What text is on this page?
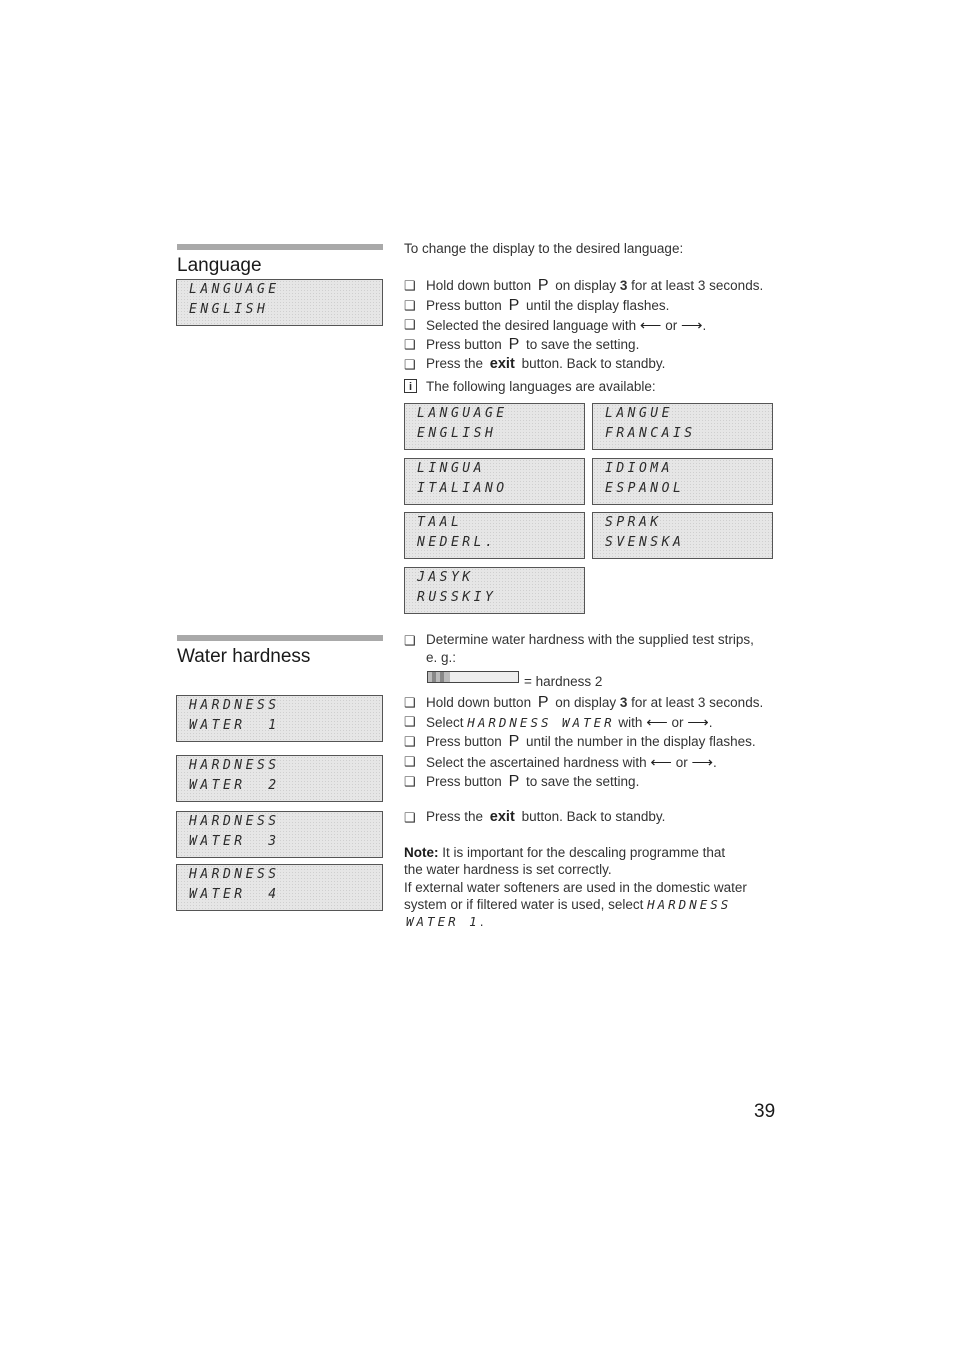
Language
LANGUAGE
ENGLISH
To change the display to the desired language:
❑ Hold down button P on display 3 for at least 3 seconds.
❑ Press button P until the display flashes.
❑ Selected the desired language with ⟵ or ⟶.
❑ Press button P to save the setting.
❑ Press the exit button. Back to standby.
i	The following languages are available:
LANGUAGE
ENGLISH
LANGUE
FRANCAIS
LINGUA
ITALIANO
IDIOMA
ESPANOL
TAAL
NEDERL.
SPRAK
SVENSKA
JASYK
RUSSKIY
Water hardness
HARDNESS
WATER  1
HARDNESS
WATER  2
HARDNESS
WATER  3
HARDNESS
WATER  4
❑ Determine water hardness with the supplied test strips,
e. g.:
= hardness 2
❑ Hold down button P on display 3 for at least 3 seconds.
❑ Select HARDNESS WATER with ⟵ or ⟶.
❑ Press button P until the number in the display flashes.
❑ Select the ascertained hardness with ⟵ or ⟶.
❑ Press button P to save the setting.
❑ Press the exit button. Back to standby.
Note: It is important for the descaling programme that
the water hardness is set correctly.
If external water softeners are used in the domestic water
system or if filtered water is used, select HARDNESS
WATER 1.
39
